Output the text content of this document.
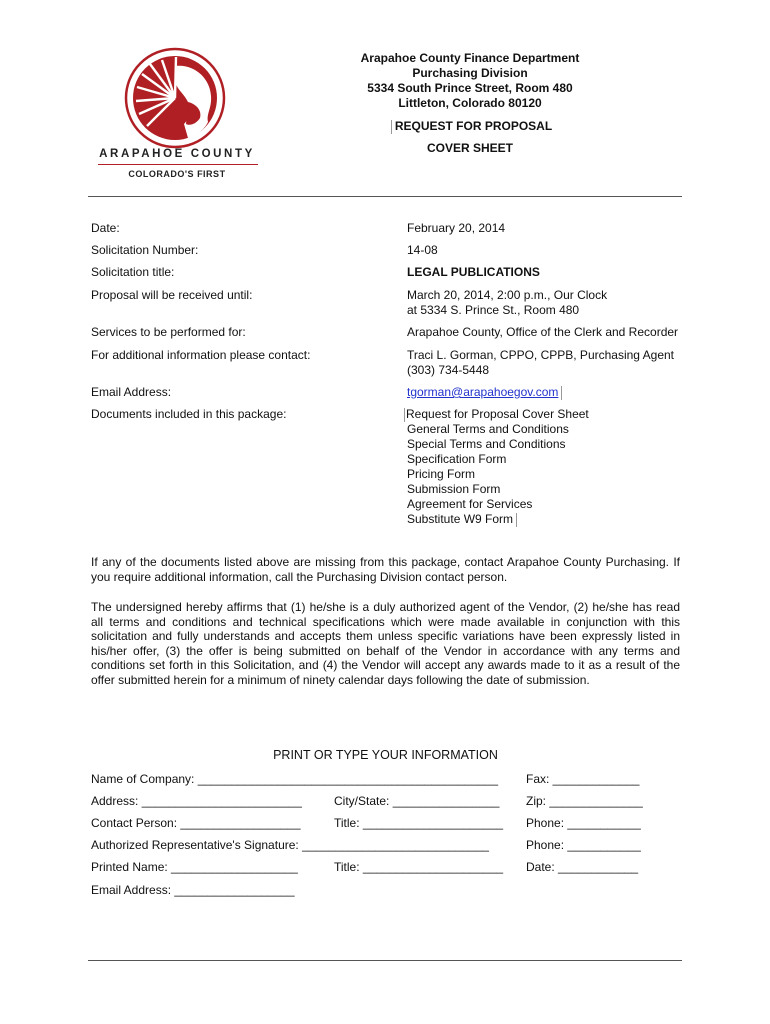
ARAPAHOE COUNTY
COLORADO'S FIRST
Arapahoe County Finance Department
Purchasing Division
5334 South Prince Street, Room 480
Littleton, Colorado 80120
REQUEST FOR PROPOSAL
COVER SHEET
Date:	February 20, 2014
Solicitation Number:	14-08
Solicitation title:	LEGAL PUBLICATIONS
Proposal will be received until:	March 20, 2014, 2:00 p.m., Our Clock
at 5334 S. Prince St., Room 480
Services to be performed for:	Arapahoe County, Office of the Clerk and Recorder
For additional information please contact:	Traci L. Gorman, CPPO, CPPB, Purchasing Agent
(303) 734-5448
Email Address:	tgorman@arapahoegov.com
Documents included in this package:	Request for Proposal Cover Sheet
General Terms and Conditions
Special Terms and Conditions
Specification Form
Pricing Form
Submission Form
Agreement for Services
Substitute W9 Form
If any of the documents listed above are missing from this package, contact Arapahoe County Purchasing. If you require additional information, call the Purchasing Division contact person.
The undersigned hereby affirms that (1) he/she is a duly authorized agent of the Vendor, (2) he/she has read all terms and conditions and technical specifications which were made available in conjunction with this solicitation and fully understands and accepts them unless specific variations have been expressly listed in his/her offer, (3) the offer is being submitted on behalf of the Vendor in accordance with any terms and conditions set forth in this Solicitation, and (4) the Vendor will accept any awards made to it as a result of the offer submitted herein for a minimum of ninety calendar days following the date of submission.
PRINT OR TYPE YOUR INFORMATION
Name of Company: _____________________________________________ Fax: _____________
Address: ________________________	City/State: ________________ Zip: ______________
Contact Person: __________________	Title: _____________________ Phone: ___________
Authorized Representative's Signature: ____________________________	Phone: ___________
Printed Name: ___________________	Title: _____________________ Date: ____________
Email Address: __________________
